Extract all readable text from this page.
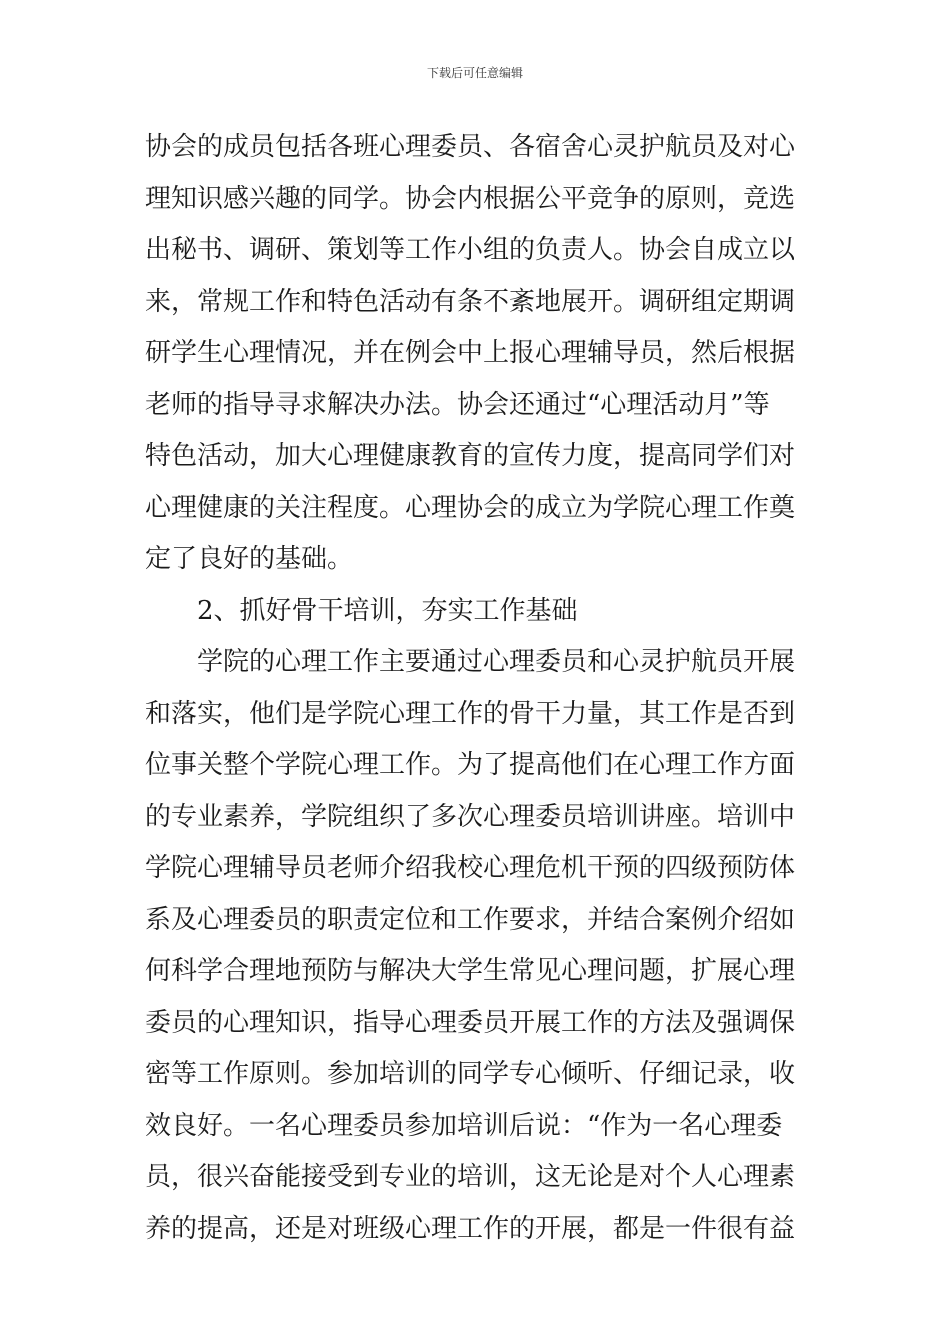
下载后可任意编辑
协会的成员包括各班心理委员、各宿舍心灵护航员及对心
理知识感兴趣的同学。协会内根据公平竞争的原则，竞选
出秘书、调研、策划等工作小组的负责人。协会自成立以
来，常规工作和特色活动有条不紊地展开。调研组定期调
研学生心理情况，并在例会中上报心理辅导员，然后根据
老师的指导寻求解决办法。协会还通过“心理活动月”等
特色活动，加大心理健康教育的宣传力度，提高同学们对
心理健康的关注程度。心理协会的成立为学院心理工作奠
定了良好的基础。
2、抓好骨干培训，夯实工作基础
学院的心理工作主要通过心理委员和心灵护航员开展
和落实，他们是学院心理工作的骨干力量，其工作是否到
位事关整个学院心理工作。为了提高他们在心理工作方面
的专业素养，学院组织了多次心理委员培训讲座。培训中
学院心理辅导员老师介绍我校心理危机干预的四级预防体
系及心理委员的职责定位和工作要求，并结合案例介绍如
何科学合理地预防与解决大学生常见心理问题，扩展心理
委员的心理知识，指导心理委员开展工作的方法及强调保
密等工作原则。参加培训的同学专心倾听、仔细记录，收
效良好。一名心理委员参加培训后说：“作为一名心理委
员，很兴奋能接受到专业的培训，这无论是对个人心理素
养的提高，还是对班级心理工作的开展，都是一件很有益
